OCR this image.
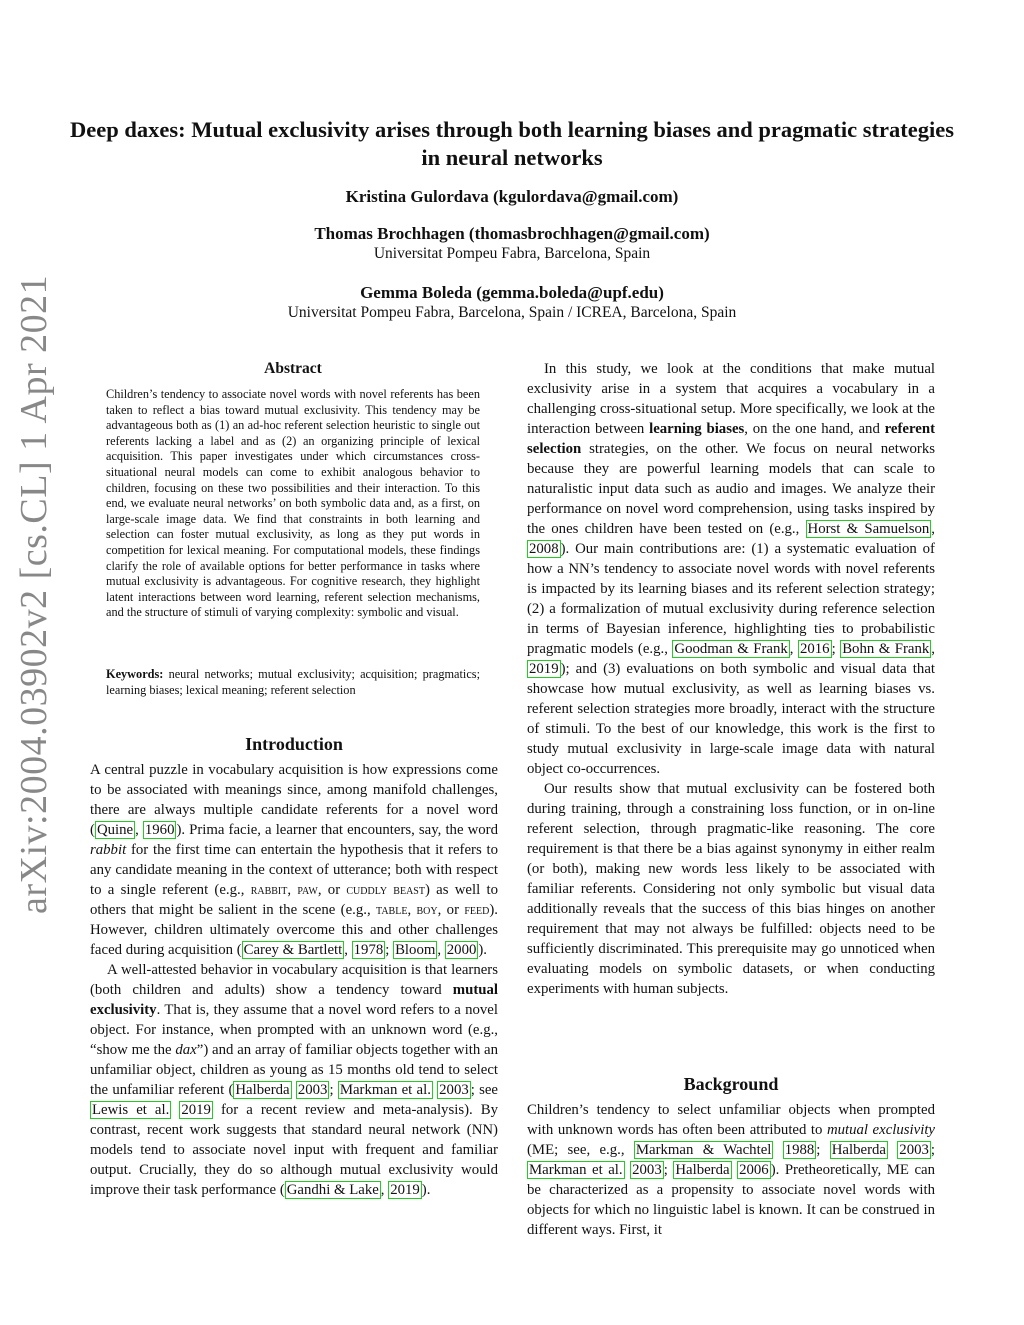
arXiv:2004.03902v2 [cs.CL] 1 Apr 2021
Deep daxes: Mutual exclusivity arises through both learning biases and pragmatic strategies in neural networks
Kristina Gulordava (kgulordava@gmail.com)
Thomas Brochhagen (thomasbrochhagen@gmail.com)
Universitat Pompeu Fabra, Barcelona, Spain
Gemma Boleda (gemma.boleda@upf.edu)
Universitat Pompeu Fabra, Barcelona, Spain / ICREA, Barcelona, Spain
Abstract

Children’s tendency to associate novel words with novel referents has been taken to reflect a bias toward mutual exclusivity. This tendency may be advantageous both as (1) an ad-hoc referent selection heuristic to single out referents lacking a label and as (2) an organizing principle of lexical acquisition. This paper investigates under which circumstances cross-situational neural models can come to exhibit analogous behavior to children, focusing on these two possibilities and their interaction. To this end, we evaluate neural networks’ on both symbolic data and, as a first, on large-scale image data. We find that constraints in both learning and selection can foster mutual exclusivity, as long as they put words in competition for lexical meaning. For computational models, these findings clarify the role of available options for better performance in tasks where mutual exclusivity is advantageous. For cognitive research, they highlight latent interactions between word learning, referent selection mechanisms, and the structure of stimuli of varying complexity: symbolic and visual.

Keywords: neural networks; mutual exclusivity; acquisition; pragmatics; learning biases; lexical meaning; referent selection

Introduction

A central puzzle in vocabulary acquisition is how expressions come to be associated with meanings since, among manifold challenges, there are always multiple candidate referents for a novel word ( Quine , 1960 ). Prima facie, a learner that encounters, say, the word rabbit for the first time can entertain the hypothesis that it refers to any candidate meaning in the context of utterance; both with respect to a single referent (e.g., rabbit, paw, or cuddly beast) as well to others that might be salient in the scene (e.g., table, boy, or feed). However, children ultimately overcome this and other challenges faced during acquisition ( Carey & Bartlett , 1978 ; Bloom , 2000 ).

A well-attested behavior in vocabulary acquisition is that learners (both children and adults) show a tendency toward mutual exclusivity. That is, they assume that a novel word refers to a novel object. For instance, when prompted with an unknown word (e.g., “show me the dax”) and an array of familiar objects together with an unfamiliar object, children as young as 15 months old tend to select the unfamiliar referent ( Halberda 2003 ; Markman et al. 2003 ; see Lewis et al. 2019 for a recent review and meta-analysis). By contrast, recent work suggests that standard neural network (NN) models tend to associate novel input with frequent and familiar output. Crucially, they do so although mutual exclusivity would improve their task performance ( Gandhi & Lake , 2019 ).

In this study, we look at the conditions that make mutual exclusivity arise in a system that acquires a vocabulary in a challenging cross-situational setup. More specifically, we look at the interaction between learning biases, on the one hand, and referent selection strategies, on the other. We focus on neural networks because they are powerful learning models that can scale to naturalistic input data such as audio and images. We analyze their performance on novel word comprehension, using tasks inspired by the ones children have been tested on (e.g., Horst & Samuelson , 2008 ). Our main contributions are: (1) a systematic evaluation of how a NN’s tendency to associate novel words with novel referents is impacted by its learning biases and its referent selection strategy; (2) a formalization of mutual exclusivity during reference selection in terms of Bayesian inference, highlighting ties to probabilistic pragmatic models (e.g., Goodman & Frank , 2016 ; Bohn & Frank , 2019 ); and (3) evaluations on both symbolic and visual data that showcase how mutual exclusivity, as well as learning biases vs. referent selection strategies more broadly, interact with the structure of stimuli. To the best of our knowledge, this work is the first to study mutual exclusivity in large-scale image data with natural object co-occurrences.

Our results show that mutual exclusivity can be fostered both during training, through a constraining loss function, or in on-line referent selection, through pragmatic-like reasoning. The core requirement is that there be a bias against synonymy in either realm (or both), making new words less likely to be associated with familiar referents. Considering not only symbolic but visual data additionally reveals that the success of this bias hinges on another requirement that may not always be fulfilled: objects need to be sufficiently discriminated. This prerequisite may go unnoticed when evaluating models on symbolic datasets, or when conducting experiments with human subjects.

Background

Children’s tendency to select unfamiliar objects when prompted with unknown words has often been attributed to mutual exclusivity (ME; see, e.g., Markman & Wachtel 1988 ; Halberda 2003 ; Markman et al. 2003 ; Halberda 2006 ). Pretheoretically, ME can be characterized as a propensity to associate novel words with objects for which no linguistic label is known. It can be construed in different ways. First, it
